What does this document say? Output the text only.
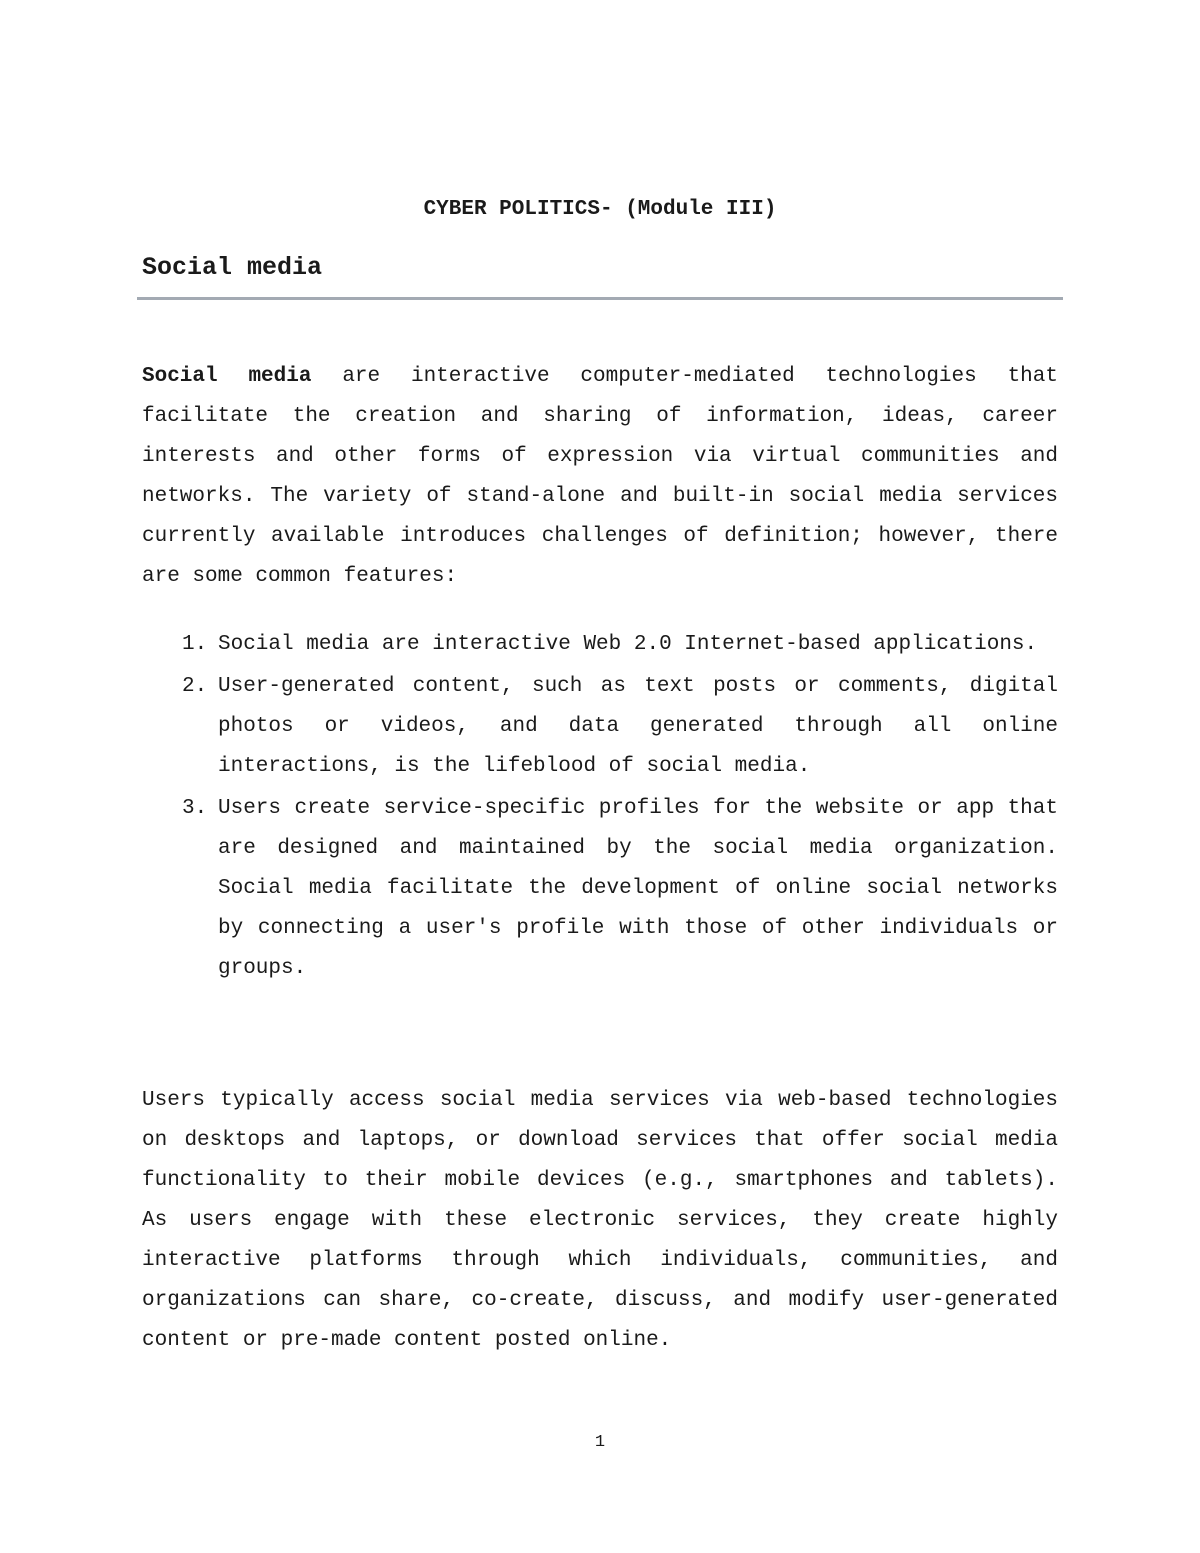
CYBER POLITICS- (Module III)
Social media

Social media are interactive computer-mediated technologies that facilitate the creation and sharing of information, ideas, career interests and other forms of expression via virtual communities and networks. The variety of stand-alone and built-in social media services currently available introduces challenges of definition; however, there are some common features:

1. Social media are interactive Web 2.0 Internet-based applications.
2. User-generated content, such as text posts or comments, digital photos or videos, and data generated through all online interactions, is the lifeblood of social media.
3. Users create service-specific profiles for the website or app that are designed and maintained by the social media organization. Social media facilitate the development of online social networks by connecting a user's profile with those of other individuals or groups.

Users typically access social media services via web-based technologies on desktops and laptops, or download services that offer social media functionality to their mobile devices (e.g., smartphones and tablets). As users engage with these electronic services, they create highly interactive platforms through which individuals, communities, and organizations can share, co-create, discuss, and modify user-generated content or pre-made content posted online.

1
